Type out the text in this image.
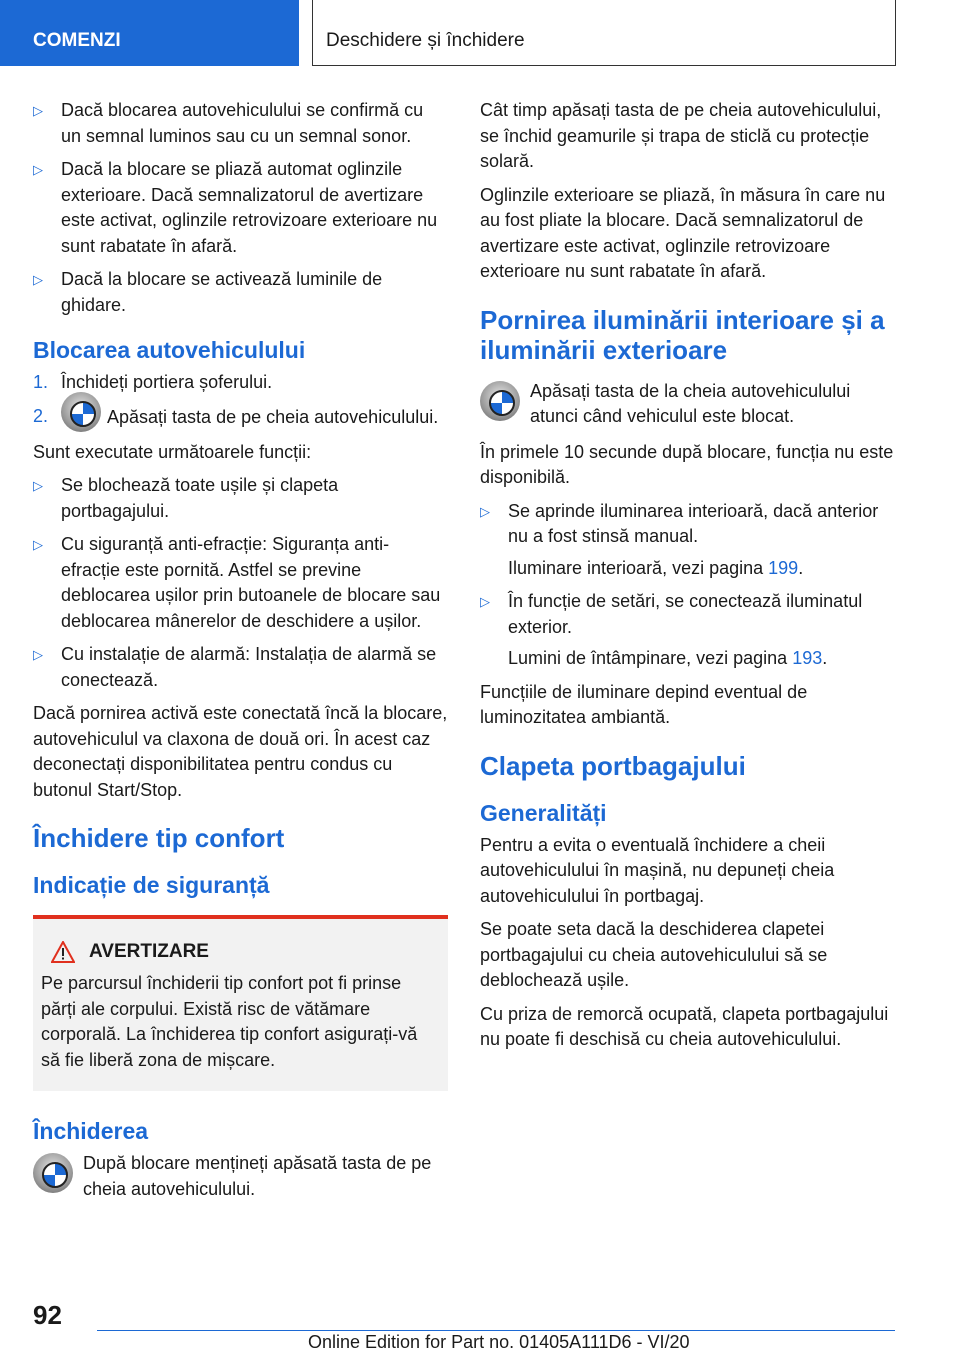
COMENZI	Deschidere și închidere
▷ Dacă blocarea autovehiculului se confirmă cu un semnal luminos sau cu un semnal sonor.
▷ Dacă la blocare se pliază automat oglinzile exterioare. Dacă semnalizatorul de avertizare este activat, oglinzile retrovizoare exterioare nu sunt rabatate în afară.
▷ Dacă la blocare se activează luminile de ghidare.
Blocarea autovehiculului
1. Închideți portiera șoferului.
2.	Apăsați tasta de pe cheia autovehiculului.

Sunt executate următoarele funcții:

▷ Se blochează toate ușile și clapeta portbagajului.
▷ Cu siguranță anti-efracție: Siguranța anti-efracție este pornită. Astfel se previne deblocarea ușilor prin butoanele de blocare sau deblocarea mânerelor de deschidere a ușilor.
▷ Cu instalație de alarmă: Instalația de alarmă se conectează.

Dacă pornirea activă este conectată încă la blocare, autovehiculul va claxona de două ori. În acest caz deconectați disponibilitatea pentru condus cu butonul Start/Stop.

Închidere tip confort
Indicație de siguranță
AVERTIZARE

Pe parcursul închiderii tip confort pot fi prinse părți ale corpului. Există risc de vătămare corporală. La închiderea tip confort asigurați-vă să fie liberă zona de mișcare.

Închiderea
După blocare mențineți apăsată tasta de pe cheia autovehiculului.

Cât timp apăsați tasta de pe cheia autovehiculului, se închid geamurile și trapa de sticlă cu protecție solară.

Oglinzile exterioare se pliază, în măsura în care nu au fost pliate la blocare. Dacă semnalizatorul de avertizare este activat, oglinzile retrovizoare exterioare nu sunt rabatate în afară.

Pornirea iluminării interioare și a iluminării exterioare
Apăsați tasta de la cheia autovehiculului atunci când vehiculul este blocat.

În primele 10 secunde după blocare, funcția nu este disponibilă.

▷ Se aprinde iluminarea interioară, dacă anterior nu a fost stinsă manual.
Iluminare interioară, vezi pagina 199.
▷ În funcție de setări, se conectează iluminatul exterior.
Lumini de întâmpinare, vezi pagina 193.

Funcțiile de iluminare depind eventual de luminozitatea ambiantă.

Clapeta portbagajului
Generalități

Pentru a evita o eventuală închidere a cheii autovehiculului în mașină, nu depuneți cheia autovehiculului în portbagaj.

Se poate seta dacă la deschiderea clapetei portbagajului cu cheia autovehiculului să se deblochează ușile.

Cu priza de remorcă ocupată, clapeta portbagajului nu poate fi deschisă cu cheia autovehiculului.

92
Online Edition for Part no. 01405A111D6 - VI/20
